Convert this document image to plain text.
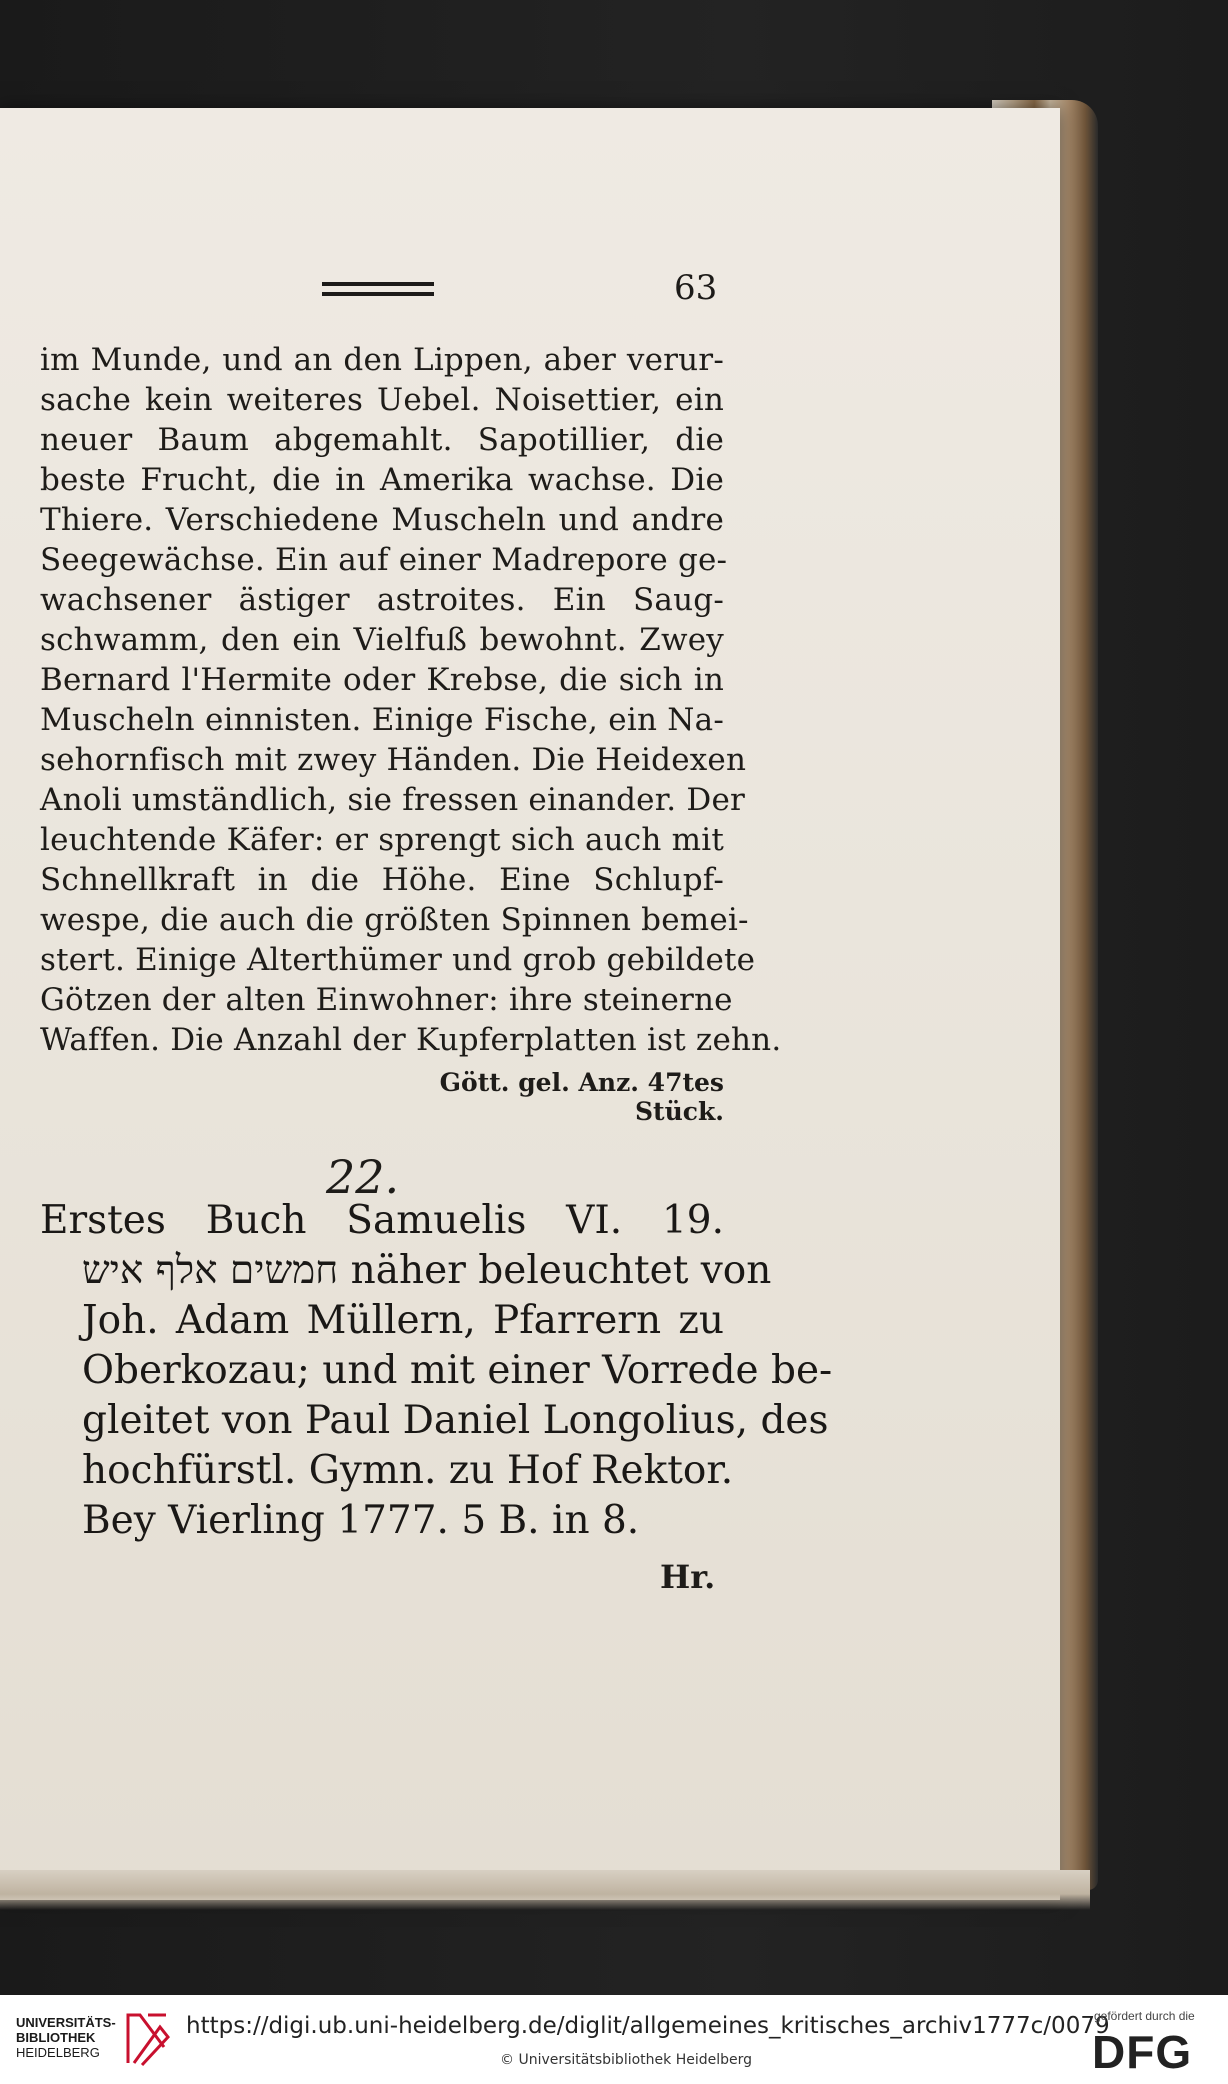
63
im Munde, und an den Lippen, aber verur-
sache kein weiteres Uebel. Noisettier, ein
neuer Baum abgemahlt. Sapotillier, die
beste Frucht, die in Amerika wachse. Die
Thiere. Verschiedene Muscheln und andre
Seegewächse. Ein auf einer Madrepore ge-
wachsener ästiger astroites. Ein Saug-
schwamm, den ein Vielfuß bewohnt. Zwey
Bernard l'Hermite oder Krebse, die sich in
Muscheln einnisten. Einige Fische, ein Na-
sehornfisch mit zwey Händen. Die Heidexen
Anoli umständlich, sie fressen einander. Der
leuchtende Käfer: er sprengt sich auch mit
Schnellkraft in die Höhe. Eine Schlupf-
wespe, die auch die größten Spinnen bemei-
stert. Einige Alterthümer und grob gebildete
Götzen der alten Einwohner: ihre steinerne
Waffen. Die Anzahl der Kupferplatten ist zehn.
Gött. gel. Anz. 47tes Stück.
22.
Erstes Buch Samuelis VI. 19.
חמשים אלף איש näher beleuchtet von
Joh. Adam Müllern, Pfarrern zu
Oberkozau; und mit einer Vorrede be-
gleitet von Paul Daniel Longolius, des
hochfürstl. Gymn. zu Hof Rektor.
Bey Vierling 1777. 5 B. in 8.
Hr.
UNIVERSITÄTS-
BIBLIOTHEK
HEIDELBERG
https://digi.ub.uni-heidelberg.de/diglit/allgemeines_kritisches_archiv1777c/0079
© Universitätsbibliothek Heidelberg
gefördert durch die
DFG
